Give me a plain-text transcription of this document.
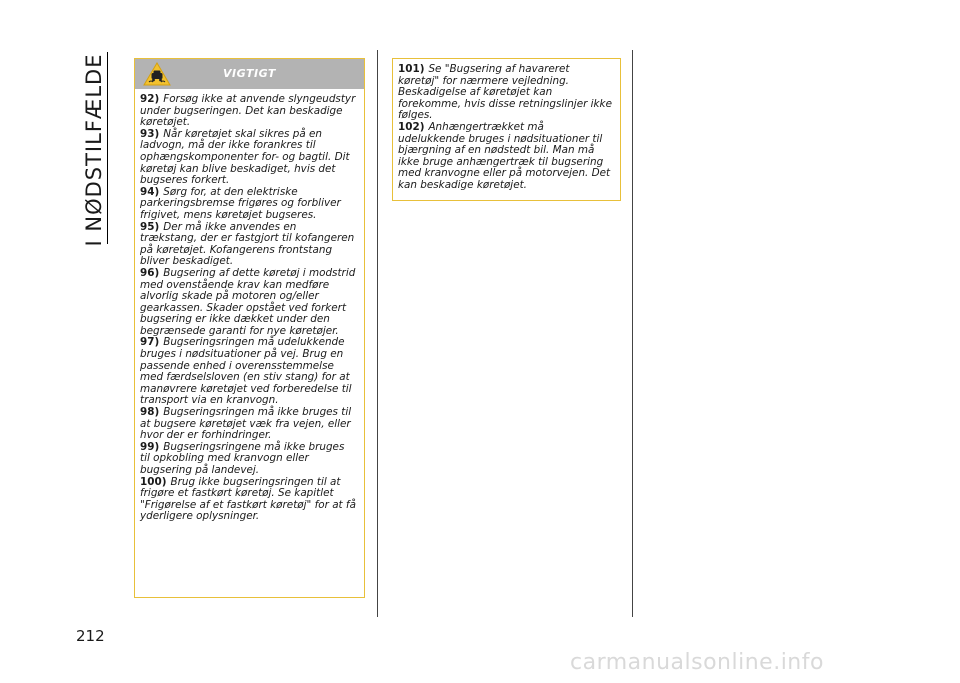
I NØDSTILFÆLDE
212
VIGTIGT

92) Forsøg ikke at anvende slyngeudstyr under bugseringen. Det kan beskadige køretøjet.

93) Når køretøjet skal sikres på en ladvogn, må der ikke forankres til ophængskomponenter for- og bagtil. Dit køretøj kan blive beskadiget, hvis det bugseres forkert.

94) Sørg for, at den elektriske parkeringsbremse frigøres og forbliver frigivet, mens køretøjet bugseres.

95) Der må ikke anvendes en trækstang, der er fastgjort til kofangeren på køretøjet. Kofangerens frontstang bliver beskadiget.

96) Bugsering af dette køretøj i modstrid med ovenstående krav kan medføre alvorlig skade på motoren og/eller gearkassen. Skader opstået ved forkert bugsering er ikke dækket under den begrænsede garanti for nye køretøjer.

97) Bugseringsringen må udelukkende bruges i nødsituationer på vej. Brug en passende enhed i overensstemmelse med færdselsloven (en stiv stang) for at manøvrere køretøjet ved forberedelse til transport via en kranvogn.

98) Bugseringsringen må ikke bruges til at bugsere køretøjet væk fra vejen, eller hvor der er forhindringer.

99) Bugseringsringene må ikke bruges til opkobling med kranvogn eller bugsering på landevej.

100) Brug ikke bugseringsringen til at frigøre et fastkørt køretøj. Se kapitlet "Frigørelse af et fastkørt køretøj" for at få yderligere oplysninger.

101) Se "Bugsering af havareret køretøj" for nærmere vejledning. Beskadigelse af køretøjet kan forekomme, hvis disse retningslinjer ikke følges.

102) Anhængertrækket må udelukkende bruges i nødsituationer til bjærgning af en nødstedt bil. Man må ikke bruge anhængertræk til bugsering med kranvogne eller på motorvejen. Det kan beskadige køretøjet.

carmanualsonline.info
